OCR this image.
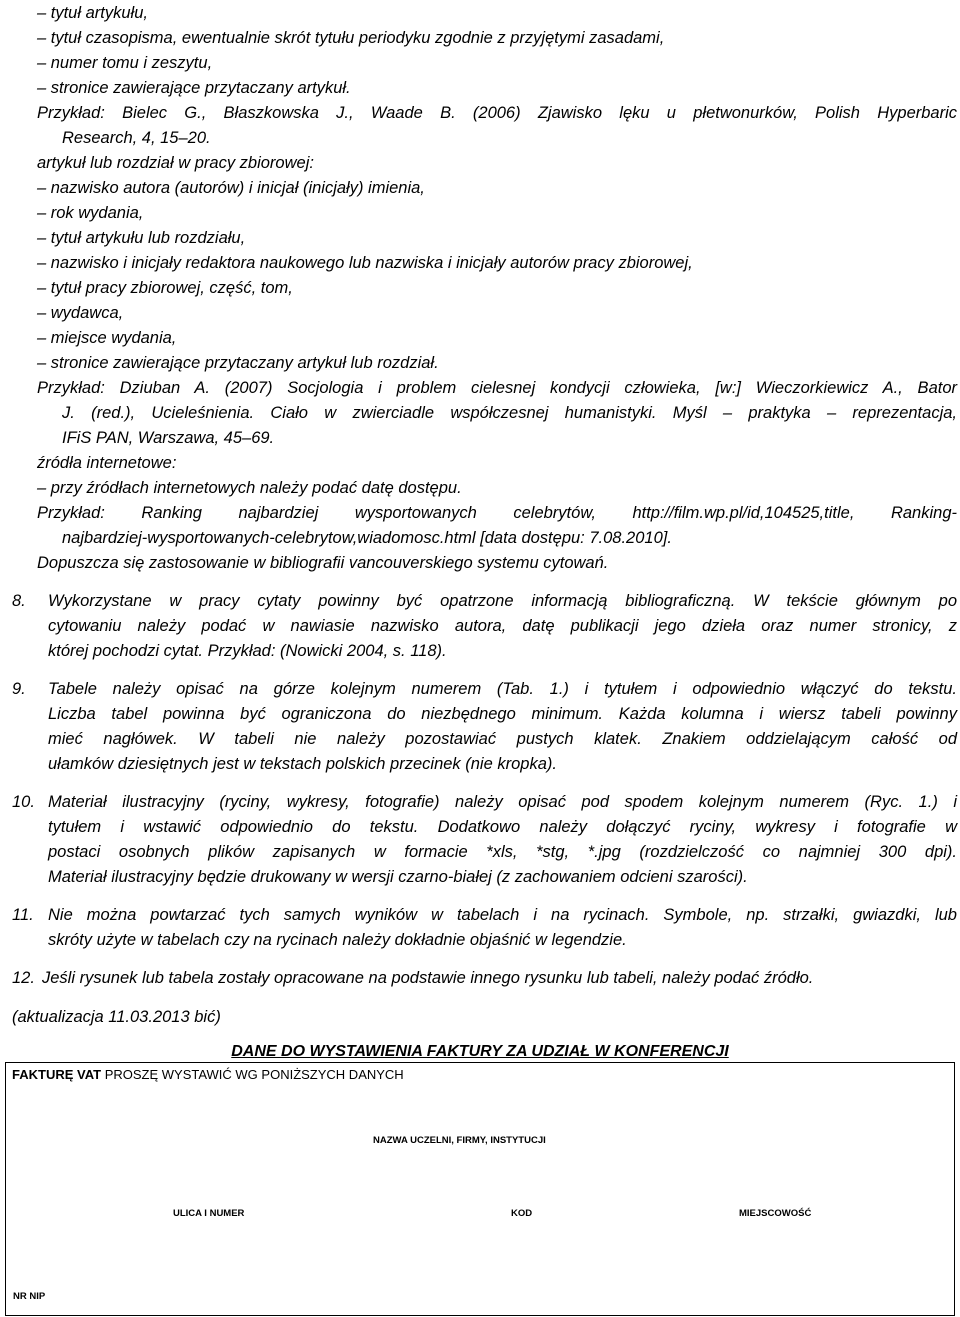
– tytuł artykułu,
– tytuł czasopisma, ewentualnie skrót tytułu periodyku zgodnie z przyjętymi zasadami,
– numer tomu i zeszytu,
– stronice zawierające przytaczany artykuł.
Przykład: Bielec G., Błaszkowska J., Waade B. (2006) Zjawisko lęku u płetwonurków, Polish Hyperbaric
Research, 4, 15–20.
artykuł lub rozdział w pracy zbiorowej:
– nazwisko autora (autorów) i inicjał (inicjały) imienia,
– rok wydania,
– tytuł artykułu lub rozdziału,
– nazwisko i inicjały redaktora naukowego lub nazwiska i inicjały autorów pracy zbiorowej,
– tytuł pracy zbiorowej, część, tom,
– wydawca,
– miejsce wydania,
– stronice zawierające przytaczany artykuł lub rozdział.
Przykład: Dziuban A. (2007) Socjologia i problem cielesnej kondycji człowieka, [w:] Wieczorkiewicz A., Bator
J. (red.), Ucieleśnienia. Ciało w zwierciadle współczesnej humanistyki. Myśl – praktyka – reprezentacja,
IFiS PAN, Warszawa, 45–69.
źródła internetowe:
– przy źródłach internetowych należy podać datę dostępu.
Przykład: Ranking najbardziej wysportowanych celebrytów, http://film.wp.pl/id,104525,title, Ranking-
najbardziej-wysportowanych-celebrytow,wiadomosc.html [data dostępu: 7.08.2010].
Dopuszcza się zastosowanie w bibliografii vancouverskiego systemu cytowań.
8. Wykorzystane w pracy cytaty powinny być opatrzone informacją bibliograficzną. W tekście głównym po
cytowaniu należy podać w nawiasie nazwisko autora, datę publikacji jego dzieła oraz numer stronicy, z
której pochodzi cytat. Przykład: (Nowicki 2004, s. 118).
9. Tabele należy opisać na górze kolejnym numerem (Tab. 1.) i tytułem i odpowiednio włączyć do tekstu.
Liczba tabel powinna być ograniczona do niezbędnego minimum. Każda kolumna i wiersz tabeli powinny
mieć nagłówek. W tabeli nie należy pozostawiać pustych klatek. Znakiem oddzielającym całość od
ułamków dziesiętnych jest w tekstach polskich przecinek (nie kropka).
10. Materiał ilustracyjny (ryciny, wykresy, fotografie) należy opisać pod spodem kolejnym numerem (Ryc. 1.) i
tytułem i wstawić odpowiednio do tekstu. Dodatkowo należy dołączyć ryciny, wykresy i fotografie w
postaci osobnych plików zapisanych w formacie *xls, *stg, *.jpg (rozdzielczość co najmniej 300 dpi).
Materiał ilustracyjny będzie drukowany w wersji czarno-białej (z zachowaniem odcieni szarości).
11. Nie można powtarzać tych samych wyników w tabelach i na rycinach. Symbole, np. strzałki, gwiazdki, lub
skróty użyte w tabelach czy na rycinach należy dokładnie objaśnić w legendzie.
12. Jeśli rysunek lub tabela zostały opracowane na podstawie innego rysunku lub tabeli, należy podać źródło.
(aktualizacja 11.03.2013 bić)
DANE DO WYSTAWIENIA FAKTURY ZA UDZIAŁ W KONFERENCJI
FAKTURĘ VAT PROSZĘ WYSTAWIĆ WG PONIŻSZYCH DANYCH
NAZWA UCZELNI, FIRMY, INSTYTUCJI
ULICA I NUMER	KOD	MIEJSCOWOŚĆ
NR NIP
